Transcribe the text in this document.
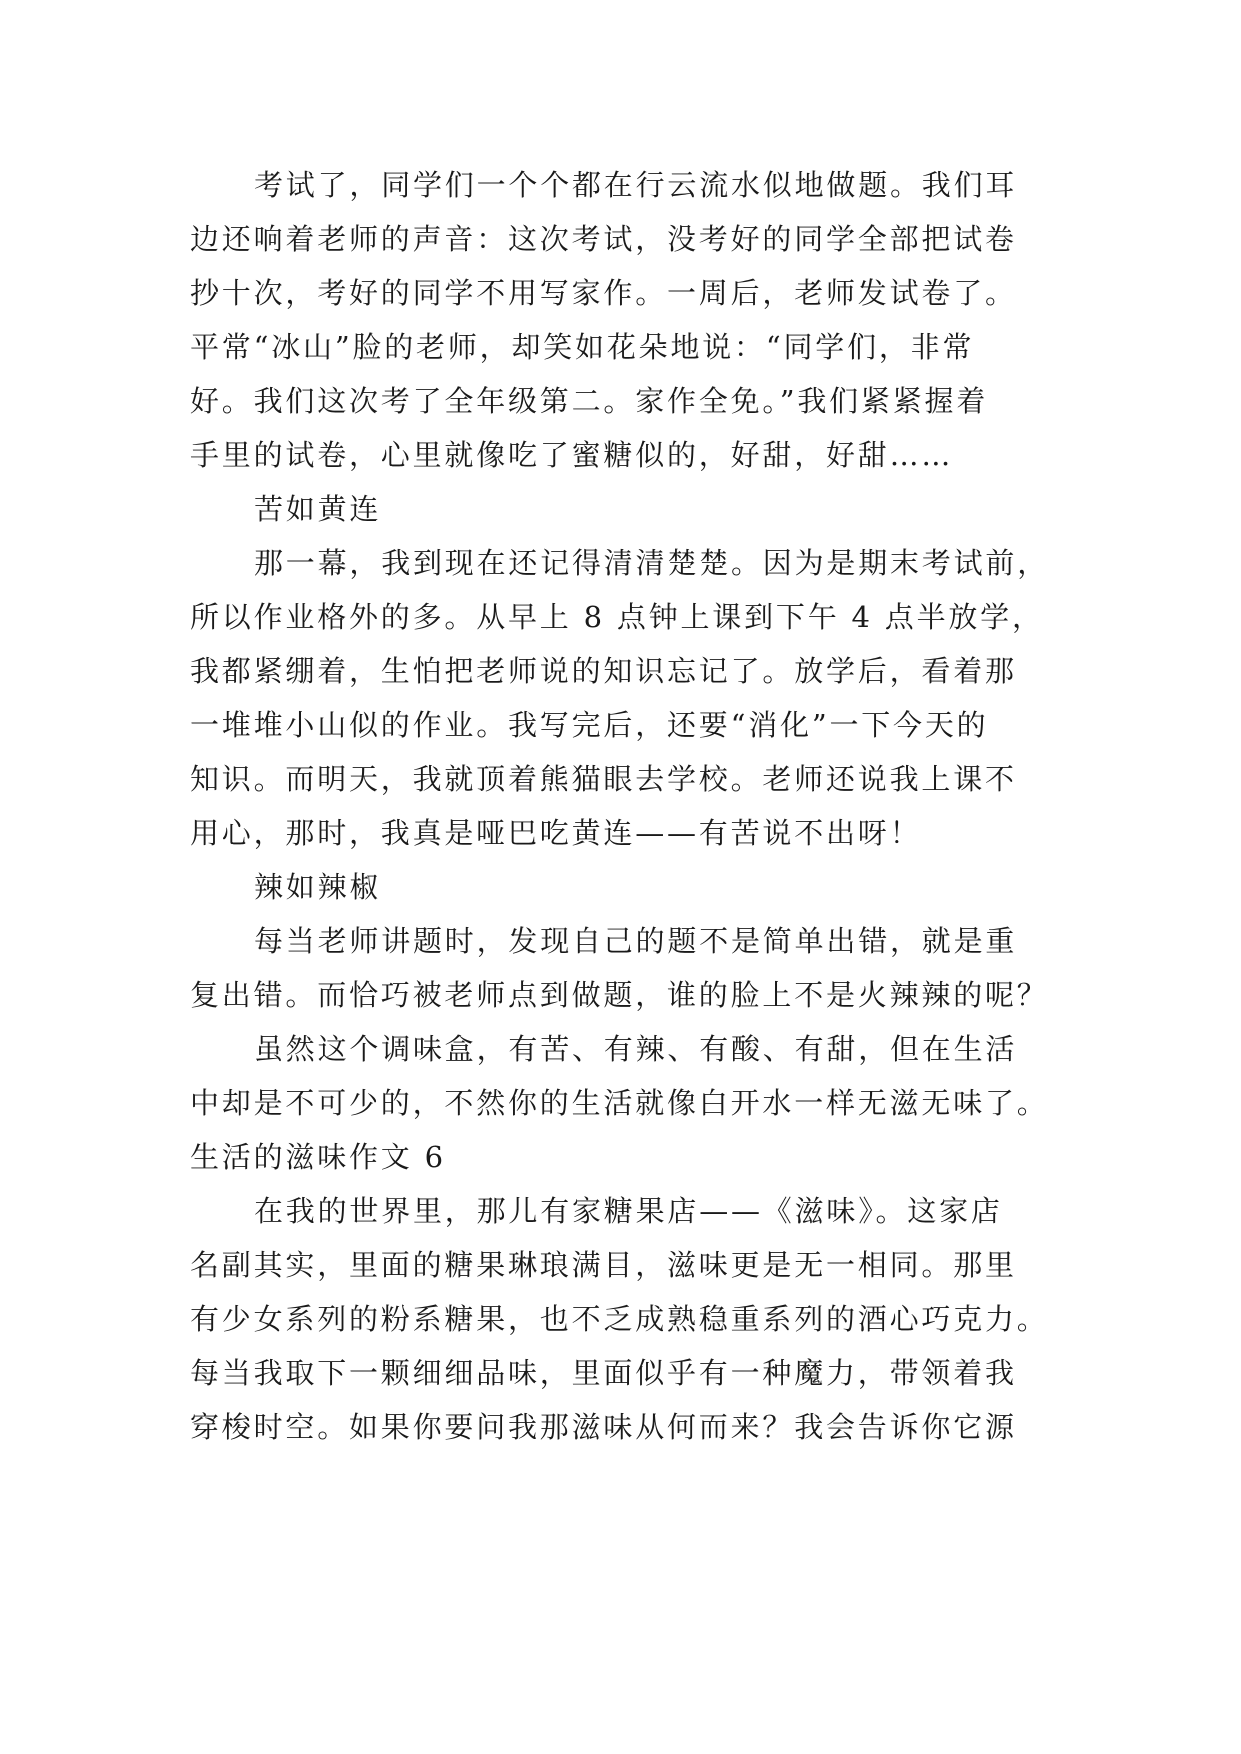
考试了，同学们一个个都在行云流水似地做题。我们耳
边还响着老师的声音：这次考试，没考好的同学全部把试卷
抄十次，考好的同学不用写家作。一周后，老师发试卷了。
平常“冰山”脸的老师，却笑如花朵地说：“同学们，非常
好。我们这次考了全年级第二。家作全免。”我们紧紧握着
手里的试卷，心里就像吃了蜜糖似的，好甜，好甜……
苦如黄连
那一幕，我到现在还记得清清楚楚。因为是期末考试前，
所以作业格外的多。从早上 8 点钟上课到下午 4 点半放学，
我都紧绷着，生怕把老师说的知识忘记了。放学后，看着那
一堆堆小山似的作业。我写完后，还要“消化”一下今天的
知识。而明天，我就顶着熊猫眼去学校。老师还说我上课不
用心，那时，我真是哑巴吃黄连——有苦说不出呀！
辣如辣椒
每当老师讲题时，发现自己的题不是简单出错，就是重
复出错。而恰巧被老师点到做题，谁的脸上不是火辣辣的呢？
虽然这个调味盒，有苦、有辣、有酸、有甜，但在生活
中却是不可少的，不然你的生活就像白开水一样无滋无味了。
生活的滋味作文 6
在我的世界里，那儿有家糖果店——《滋味》。这家店
名副其实，里面的糖果琳琅满目，滋味更是无一相同。那里
有少女系列的粉系糖果，也不乏成熟稳重系列的酒心巧克力。
每当我取下一颗细细品味，里面似乎有一种魔力，带领着我
穿梭时空。如果你要问我那滋味从何而来？我会告诉你它源
